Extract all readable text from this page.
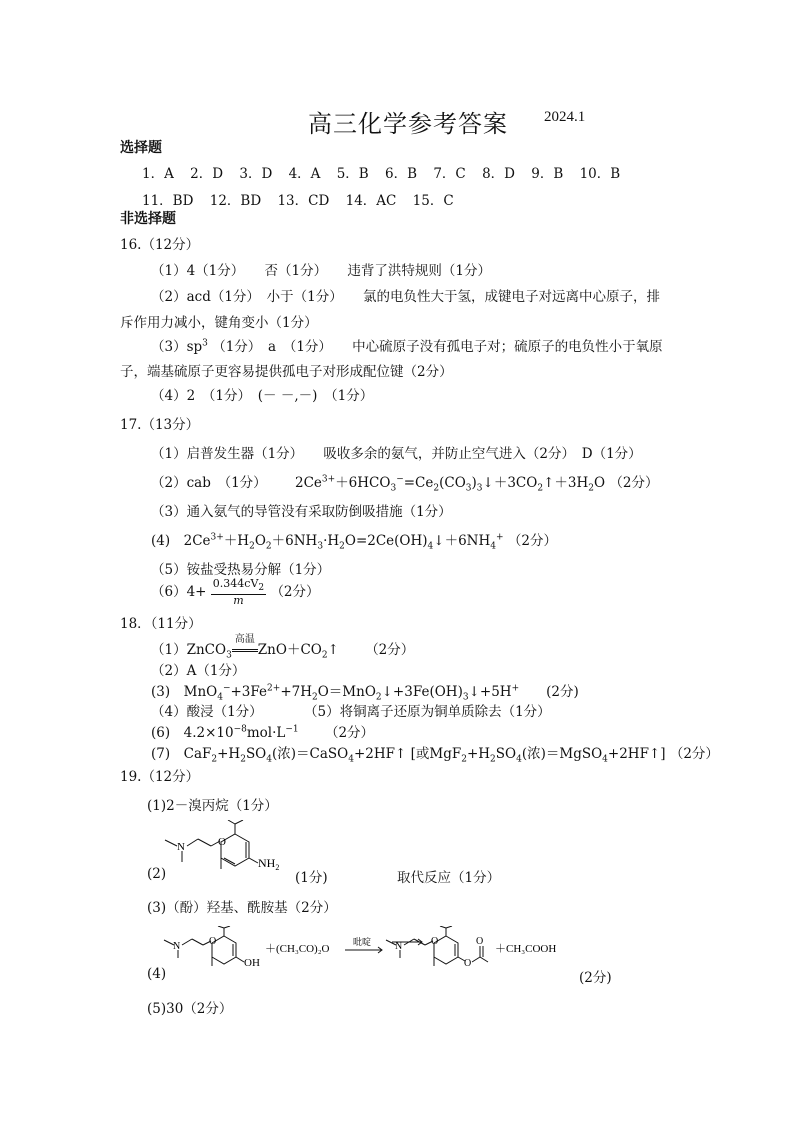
高三化学参考答案 2024.1
选择题
1．A 2．D 3．D 4．A 5．B 6．B 7．C 8．D 9．B 10．B
11．BD 12．BD 13．CD 14．AC 15．C
非选择题
16.（12分）
（1）4（1分）　　否（1分）　　违背了洪特规则（1分）
（2）acd（1分）　小于（1分）　　氯的电负性大于氢，成键电子对远离中心原子，排
斥作用力减小，键角变小（1分）
$(3)sp^3$ （1分）　a　（1分）　　中心硫原子没有孤电子对；硫原子的电负性小于氧原
子，端基硫原子更容易提供孤电子对形成配位键（2分）
（4）2　（1分）　(－ －,－)　（1分）
17.（13分）
（1）启普发生器（1分）　　吸收多余的氨气，并防止空气进入（2分）　D（1分）
（2）cab　（1分） $2Ce^{3+}+6HCO_3^-=Ce_2(CO_3)_3↓+3CO_2↑+3H_2O$ （2分）
（3）通入氨气的导管没有采取防倒吸措施（1分）
(4)　$2Ce^{3+}+H_2O_2+6NH_3\cdot H_2O=2Ce(OH)_4↓+6NH_4^+$ （2分）
（5）铵盐受热易分解（1分）
$(6)4+ \frac{0.344cV_2}{m} (2$分）
18．（11分）
（1）ZnCO$_3$
高温
$ZnO+CO_2↑$ （2分）
（2）A（1分）
(3)　$MnO_4^-+3Fe^{2+}+7H_2O=MnO_2↓+3Fe(OH)_3↓+5H^+$　　(2分)
（4）酸浸（1分）	（5）将铜离子还原为铜单质除去（1分）
(6)　$4.2\times 10^{-8}mol\cdot L^{-1}$ （2分）
(7)　$CaF_2+H_2SO_4$(浓)＝CaSO$_4$+2HF↑ [或$MgF_2+H_2SO_4$(浓)＝MgSO$_4$+2HF↑] （2分）
19.（12分）
(1)2－溴丙烷（1分）
N	O
$NH_2$
(2)	(1分)	取代反应（1分）
(3)（酚）羟基、酰胺基（2分）
N	O
OH
＋(CH₃CO)₂O
吡啶 N	O
O
O
＋CH₃COOH
(4)	(2分)
(5)30（2分）
